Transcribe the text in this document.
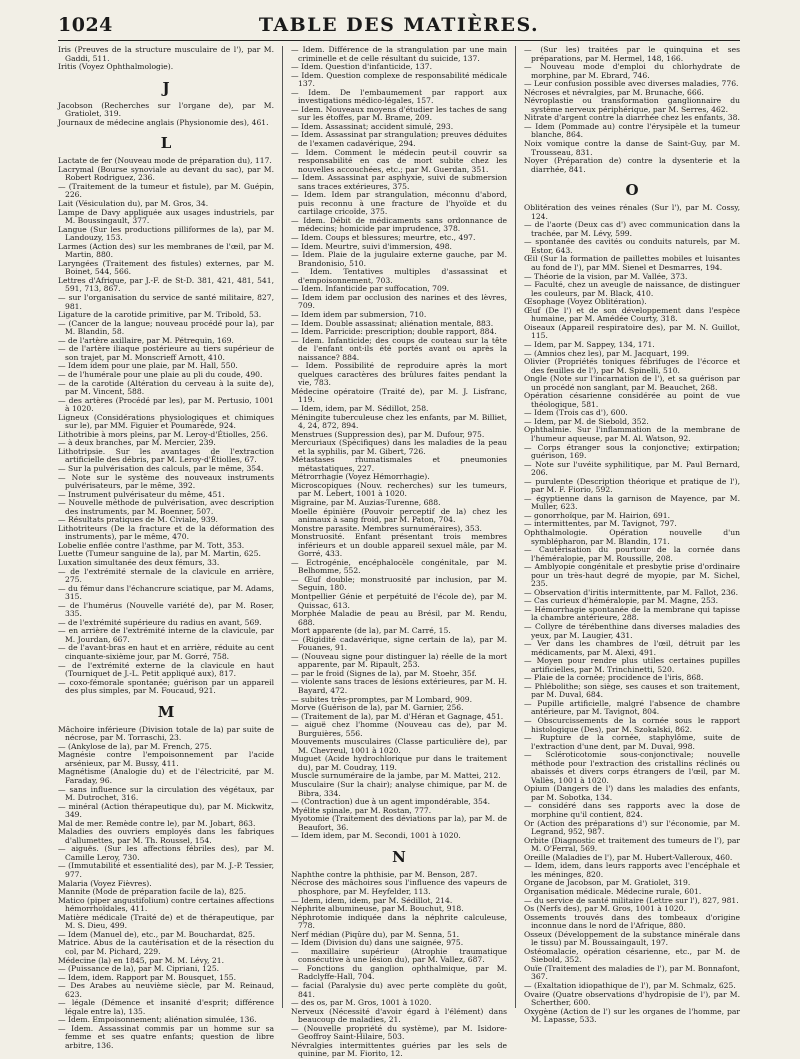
1024	TABLE DES MATIÈRES.

Iris (Preuves de la structure musculaire de l'), par M. Gaddi, 511.

Iritis (Voyez Ophthalmologie).

J

Jacobson (Recherches sur l'organe de), par M. Gratiolet, 319.

Journaux de médecine anglais (Physionomie des), 461.

L

Lactate de fer (Nouveau mode de préparation du), 117.

Lacrymal (Bourse synoviale au devant du sac), par M. Robert Rodriguez, 236.

— (Traitement de la tumeur et fistule), par M. Guépin, 226.

Lait (Vésiculation du), par M. Gros, 34.

Lampe de Davy appliquée aux usages industriels, par M. Boussingault, 377.

Langue (Sur les productions pilliformes de la), par M. Landouzy, 153.

Larmes (Action des) sur les membranes de l'œil, par M. Martin, 880.

Laryngées (Traitement des fistules) externes, par M. Boinet, 544, 566.

Lettres d'Afrique, par J.-F. de St-D. 381, 421, 481, 541, 591, 713, 867.

— sur l'organisation du service de santé militaire, 827, 981.

Ligature de la carotide primitive, par M. Tribold, 53.

— (Cancer de la langue; nouveau procédé pour la), par M. Blandin, 58.

— de l'artère axillaire, par M. Pétrequin, 169.

— de l'artère iliaque postérieure au tiers supérieur de son trajet, par M. Monscrieff Arnott, 410.

— Idem idem pour une plaie, par M. Hall, 550.

— de l'humérale pour une plaie au pli du coude, 490.

— de la carotide (Altération du cerveau à la suite de), par M. Vincent, 588.

— des artères (Procédé par les), par M. Pertusio, 1001 à 1020.

Ligneux (Considérations physiologiques et chimiques sur le), par MM. Figuier et Poumarède, 924.

Lithotribie à mors pleins, par M. Leroy-d'Étiolles, 256.

— à deux branches, par M. Mercier, 239.

Lithotripsie. Sur les avantages de l'extraction artificielle des débris, par M. Leroy-d'Étiolles, 67.

— Sur la pulvérisation des calculs, par le même, 354.

— Note sur le système des nouveaux instruments pulvérisateurs, par le même, 392.

— Instrument pulvérisateur du même, 451.

— Nouvelle méthode de pulvérisation, avec description des instruments, par M. Boenner, 507.

— Résultats pratiques de M. Civiale, 939.

Lithotriteurs (De la fracture et de la déformation des instruments), par le même, 470.

Lobelie enflée contre l'asthme, par M. Tott, 353.

Luette (Tumeur sanguine de la), par M. Martin, 625.

Luxation simultanée des deux fémurs, 33.

— de l'extrémité sternale de la clavicule en arrière, 275.

— du fémur dans l'échancrure sciatique, par M. Adams, 315.

— de l'humérus (Nouvelle variété de), par M. Roser, 335.

— de l'extrémité supérieure du radius en avant, 569.

— en arrière de l'extrémité interne de la clavicule, par M. Jourdan, 667.

— de l'avant-bras en haut et en arrière, réduite au cent cinquante-sixième jour, par M. Gorré, 758.

— de l'extrémité externe de la clavicule en haut (Tourniquet de J.-L. Petit appliqué aux), 817.

— coxo-fémorale spontanée; guérison par un appareil des plus simples, par M. Foucaud, 921.

M

Mâchoire inférieure (Division totale de la) par suite de nécrose, par M. Torraschi, 23.

— (Ankylose de la), par M. French, 275.

Magnésie contre l'empoisonnement par l'acide arsénieux, par M. Bussy, 411.

Magnétisme (Analogie du) et de l'électricité, par M. Faraday, 96.

— sans influence sur la circulation des végétaux, par M. Dutrochet, 316.

— minéral (Action thérapeutique du), par M. Mickwitz, 349.

Mal de mer. Remède contre le), par M. Jobart, 863.

Maladies des ouvriers employés dans les fabriques d'allumettes, par M. Th. Roussel, 154.

— aiguës. (Sur les affections fébriles des), par M. Camille Leroy, 730.

— (Immutabilité et essentialité des), par M. J.-P. Tessier, 977.

Malaria (Voyez Fièvres).

Mannite (Mode de préparation facile de la), 825.

Matico (piper angustifolium) contre certaines affections hémorrhoïdales, 411.

Matière médicale (Traité de) et de thérapeutique, par M. S. Dieu, 499.

— Idem (Manuel de), etc., par M. Bouchardat, 825.

Matrice. Abus de la cautérisation et de la résection du col, par M. Pichard, 229.

Médecine (la) en 1845, par M. M. Lévy, 21.

— (Puissance de la), par M. Cipriani, 125.

— Idem, idem. Rapport par M. Bousquet, 155.

— Des Arabes au neuvième siècle, par M. Reinaud, 623.

— légale (Démence et insanité d'esprit; différence légale entre la), 135.

— Idem. Empoisonnement; aliénation simulée, 136.

— Idem. Assassinat commis par un homme sur sa femme et ses quatre enfants; question de libre arbitre, 136.

— Idem. Différence de la strangulation par une main criminelle et de celle résultant du suicide, 137.

— Idem. Question d'infanticide, 137.

— Idem. Question complexe de responsabilité médicale 137.

— Idem. De l'embaumement par rapport aux investigations médico-légales, 157.

— Idem. Nouveaux moyens d'étudier les taches de sang sur les étoffes, par M. Brame, 209.

— Idem. Assassinat; accident simulé, 293.

— Idem. Assassinat par strangulation; preuves déduites de l'examen cadavérique, 294.

— Idem. Comment le médecin peut-il couvrir sa responsabilité en cas de mort subite chez les nouvelles accouchées, etc.; par M. Guerdan, 351.

— Idem. Assassinat par asphyxie, suivi de submersion sans traces extérieures, 375.

— Idem. Idem par strangulation, méconnu d'abord, puis reconnu à une fracture de l'hyoïde et du cartilage cricoïde, 375.

— Idem. Débit de médicaments sans ordonnance de médecins; homicide par imprudence, 378.

— Idem. Coups et blessures; meurtre, etc., 497.

— Idem. Meurtre, suivi d'immersion, 498.

— Idem. Plaie de la jugulaire externe gauche, par M. Brandonisio, 510.

— Idem. Tentatives multiples d'assassinat et d'empoisonnement, 703.

— Idem. Infanticide par suffocation, 709.

— Idem idem par occlusion des narines et des lèvres, 709.

— Idem idem par submersion, 710.

— Idem. Double assassinat; aliénation mentale, 883.

— Idem. Parricide: prescription; double rapport, 884.

— Idem. Infanticide; des coups de couteau sur la tête de l'enfant ont-ils été portés avant ou après la naissance? 884.

— Idem. Possibilité de reproduire après la mort quelques caractères des brûlures faites pendant la vie, 783.

Médecine opératoire (Traité de), par M. J. Lisfranc, 119.

— Idem, idem, par M. Sédillot, 258.

Méningite tuberculeuse chez les enfants, par M. Billiet, 4, 24, 872, 894.

Menstrues (Suppression des), par M. Dufour, 975.

Mercuriaux (Spécifiques) dans les maladies de la peau et la syphilis, par M. Gibert, 726.

Métastases rhumatismales et pneumonies métastatiques, 227.

Métrorrhagie (Voyez Hémorrhagie).

Microscopiques (Nouv. recherches) sur les tumeurs, par M. Lebert, 1001 à 1020.

Migraine, par M. Auzias-Turenne, 688.

Moelle épinière (Pouvoir perceptif de la) chez les animaux à sang froid, par M. Paton, 704.

Monstre parasite. Membres surnuméraires), 353.

Monstruosité. Enfant présentant trois membres inférieurs et un double appareil sexuel mâle, par M. Gorré, 433.

— Ectrogénie, encéphalocèle congénitale, par M. Belhomme, 552.

— Œuf double; monstruosité par inclusion, par M. Seguin, 180.

Montpellier Génie et perpétuité de l'école de), par M. Quissac, 613.

Morphée Maladie de peau au Brésil, par M. Rendu, 688.

Mort apparente (de la), par M. Carré, 15.

— (Rigidité cadavérique, signe certain de la), par M. Fouanes, 91.

— (Nouveau signe pour distinguer la) réelle de la mort apparente, par M. Ripault, 253.

— par le froid (Signes de la), par M. Stoehr, 35f.

— violente sans traces de lésions extérieures, par M. H. Bayard, 472.

— subites très-promptes, par M Lombard, 909.

Morve (Guérison de la), par M. Garnier, 256.

— (Traitement de la), par M. d'Héran et Gagnage, 451.

— aiguë chez l'homme (Nouveau cas de), par M. Burguières, 556.

Mouvements musculaires (Classe particulière de), par M. Chevreul, 1001 à 1020.

Muguet (Acide hydrochlorique pur dans le traitement du), par M. Coudray, 119.

Muscle surnuméraire de la jambe, par M. Mattei, 212.

Musculaire (Sur la chair); analyse chimique, par M. de Bibra, 334.

— (Contraction) due à un agent impondérable, 354.

Myélite spinale, par M. Rostan, 777.

Myotomie (Traitement des déviations par la), par M. de Beaufort, 36.

— Idem idem, par M. Secondi, 1001 à 1020.

N

Naphthe contre la phthisie, par M. Benson, 287.

Nécrose des mâchoires sous l'influence des vapeurs de phosphore, par M. Heyfelder, 113.

— Idem, idem, idem, par M. Sédillot, 214.

Néphrite albumineuse, par M. Bouchut, 918.

Néphrotomie indiquée dans la néphrite calculeuse, 778.

Nerf médian (Piqûre du), par M. Senna, 51.

— Idem (Division du) dans une saignée, 975.

— maxillaire supérieur (Atrophie traumatique consécutive à une lésion du), par M. Vallez, 687.

— Fonctions du ganglion ophthalmique, par M. Radclyffe-Hall, 704.

— facial (Paralysie du) avec perte complète du goût, 841.

— des os, par M. Gros, 1001 à 1020.

Nerveux (Nécessité d'avoir égard à l'élément) dans beaucoup de maladies, 21.

— (Nouvelle propriété du système), par M. Isidore-Geoffroy Saint-Hilaire, 503.

Névralgies intermittentes guéries par les sels de quinine, par M. Fiorito, 12.

— (Sur les) traitées par le quinquina et ses préparations, par M. Hermel, 148, 166.

— Nouveau mode d'emploi du chlorhydrate de morphine, par M. Ebrard, 746.

— Leur confusion possible avec diverses maladies, 776.

Nécroses et névralgies, par M. Brunache, 666.

Névroplastie ou transformation ganglionnaire du système nerveux périphérique, par M. Serres, 462.

Nitrate d'argent contre la diarrhée chez les enfants, 38.

— Idem (Pommade au) contre l'érysipèle et la tumeur blanche, 864.

Noix vomique contre la danse de Saint-Guy, par M. Trousseau, 831.

Noyer (Préparation de) contre la dysenterie et la diarrhée, 841.

O

Oblitération des veines rénales (Sur l'), par M. Cossy, 124.

— de l'aorte (Deux cas d') avec communication dans la trachée, par M. Lévy, 599.

— spontanée des cavités ou conduits naturels, par M. Estor, 643.

Œil (Sur la formation de paillettes mobiles et luisantes au fond de l'), par MM. Sienel et Desmarres, 194.

— Théorie de la vision, par M. Vallée, 373.

— Faculté, chez un aveugle de naissance, de distinguer les couleurs, par M. Black, 410.

Œsophage (Voyez Oblitération).

Œuf (De l') et de son développement dans l'espèce humaine, par M. Amédée Courty, 318.

Oiseaux (Appareil respiratoire des), par M. N. Guillot, 115.

— Idem, par M. Sappey, 134, 171.

— (Amnios chez les), par M. Jacquart, 199.

Olivier (Propriétés toniques fébrifuges de l'écorce et des feuilles de l'), par M. Spinelli, 510.

Ongle (Note sur l'incarnation de l'), et sa guérison par un procédé non sanglant, par M. Beauchet, 268.

Opération césarienne considérée au point de vue théologique, 581.

— Idem (Trois cas d'), 600.

— Idem, par M. de Siebold, 352.

Ophthalmie. Sur l'inflammation de la membrane de l'humeur aqueuse, par M. Al. Watson, 92.

— Corps étranger sous la conjonctive; extirpation; guérison, 169.

— Note sur l'uvéite syphilitique, par M. Paul Bernard, 206.

— purulente (Description théorique et pratique de l'), par M. F. Fiorio, 592.

— égyptienne dans la garnison de Mayence, par M. Muller, 623.

— gonorrhoïque, par M. Hairion, 691.

— intermittentes, par M. Tavignot, 797.

Ophthalmologie. Opération nouvelle d'un symblépharon, par M. Blandin, 171.

— Cautérisation du pourtour de la cornée dans l'héméralopie, par M. Roussille, 208.

— Amblyopie congénitale et presbytie prise d'ordinaire pour un très-haut degré de myopie, par M. Sichel, 235.

— Observation d'iritis intermittente, par M. Fallot, 236.

— Cas curieux d'héméralopie, par M. Magne, 253.

— Hémorrhagie spontanée de la membrane qui tapisse la chambre antérieure, 288.

— Collyre de térébenthine dans diverses maladies des yeux, par M. Laugier, 431.

— Ver dans les chambres de l'œil, détruit par les médicaments, par M. Alexi, 491.

— Moyen pour rendre plus utiles certaines pupilles artificielles, par M. Trinchinetti, 520.

— Plaie de la cornée; procidence de l'iris, 868.

— Phlébolithe; son siège, ses causes et son traitement, par M. Duval, 684.

— Pupille artificielle, malgré l'absence de chambre antérieure, par M. Tavignot, 804.

— Obscurcissements de la cornée sous le rapport histologique (Des), par M. Szokalski, 862.

— Rupture de la cornée, staphylôme, suite de l'extraction d'une dent, par M. Duval, 998.

— Scléroticotomie sous-conjonctivale; nouvelle méthode pour l'extraction des cristallins réclinés ou abaissés et divers corps étrangers de l'œil, par M. Vallès, 1001 à 1020.

Opium (Dangers de l') dans les maladies des enfants, par M. Sobotka, 134.

— considéré dans ses rapports avec la dose de morphine qu'il contient, 824.

Or (Action des préparations d') sur l'économie, par M. Legrand, 952, 987.

Orbite (Diagnostic et traitement des tumeurs de l'), par M. O'Ferral, 569.

Oreille (Maladies de l'), par M. Hubert-Valleroux, 460.

— Idem, idem, dans leurs rapports avec l'encéphale et les méninges, 820.

Organe de Jacobson, par M. Gratiolet, 319.

Organisation médicale. Médecine rurale, 601.

— du service de santé militaire (Lettre sur l'), 827, 981.

Os (Nerfs des), par M. Gros, 1001 à 1020.

Ossements trouvés dans des tombeaux d'origine inconnue dans le nord de l'Afrique, 880.

Osseux (Développement de la substance minérale dans le tissu) par M. Boussaingault, 197.

Ostéomalacie, opération césarienne, etc., par M. de Siebold, 352.

Ouïe (Traitement des maladies de l'), par M. Bonnafont, 367.

— (Exaltation idiopathique de l'), par M. Schmalz, 625.

Ovaire (Quatre observations d'hydropisie de l'), par M. Scherther, 600.

Oxygène (Action de l') sur les organes de l'homme, par M. Lapasse, 533.
